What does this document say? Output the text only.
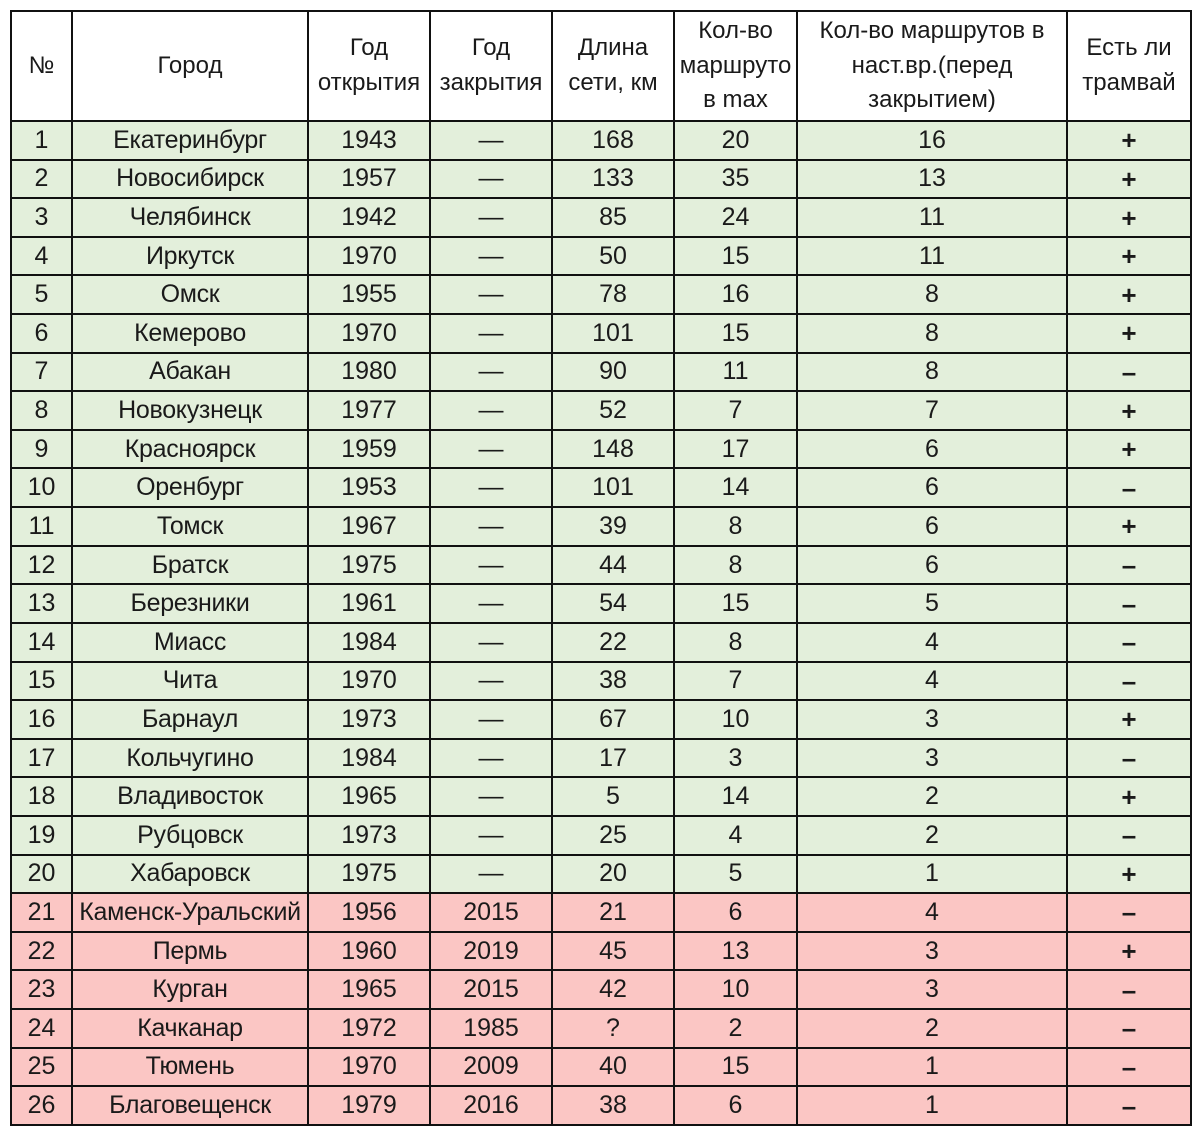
№	Город	Год открытия	Год закрытия	Длина сети, км	Кол-во маршруто в max	Кол-во маршрутов в наст.вр.(перед закрытием)	Есть ли трамвай
1	Екатеринбург	1943	—	168	20	16	+
2	Новосибирск	1957	—	133	35	13	+
3	Челябинск	1942	—	85	24	11	+
4	Иркутск	1970	—	50	15	11	+
5	Омск	1955	—	78	16	8	+
6	Кемерово	1970	—	101	15	8	+
7	Абакан	1980	—	90	11	8	–
8	Новокузнецк	1977	—	52	7	7	+
9	Красноярск	1959	—	148	17	6	+
10	Оренбург	1953	—	101	14	6	–
11	Томск	1967	—	39	8	6	+
12	Братск	1975	—	44	8	6	–
13	Березники	1961	—	54	15	5	–
14	Миасс	1984	—	22	8	4	–
15	Чита	1970	—	38	7	4	–
16	Барнаул	1973	—	67	10	3	+
17	Кольчугино	1984	—	17	3	3	–
18	Владивосток	1965	—	5	14	2	+
19	Рубцовск	1973	—	25	4	2	–
20	Хабаровск	1975	—	20	5	1	+
21	Каменск-Уральский	1956	2015	21	6	4	–
22	Пермь	1960	2019	45	13	3	+
23	Курган	1965	2015	42	10	3	–
24	Качканар	1972	1985	?	2	2	–
25	Тюмень	1970	2009	40	15	1	–
26	Благовещенск	1979	2016	38	6	1	–
